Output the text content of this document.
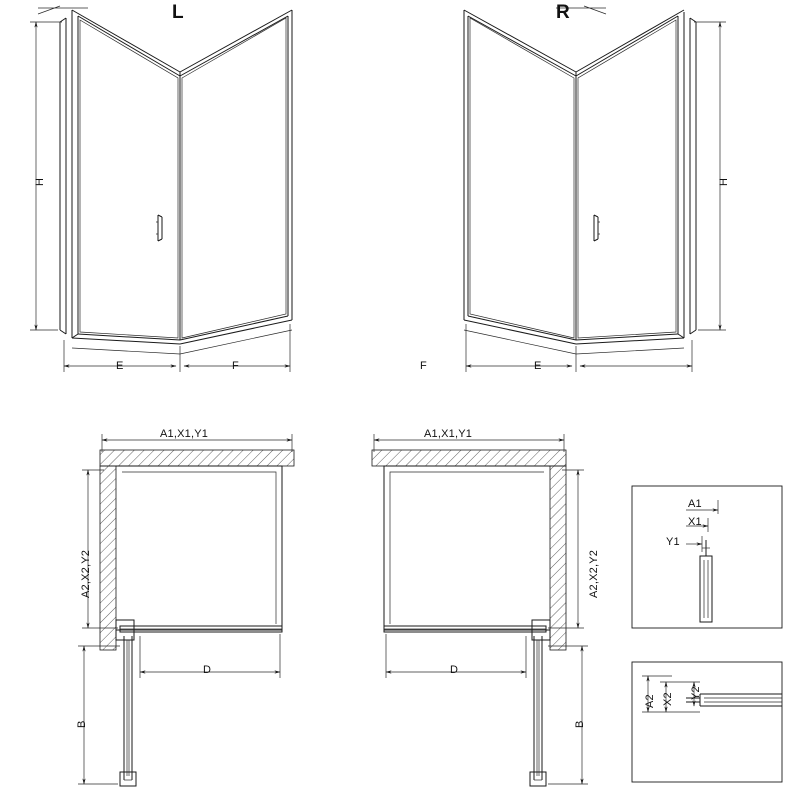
L	R
H	H
E	F	F	E
A1,X1,Y1	A1,X1,Y1
A2,X2,Y2	A2,X2,Y2
D	D
B	B
A1
X1
Y1
A2 X2 Y2
